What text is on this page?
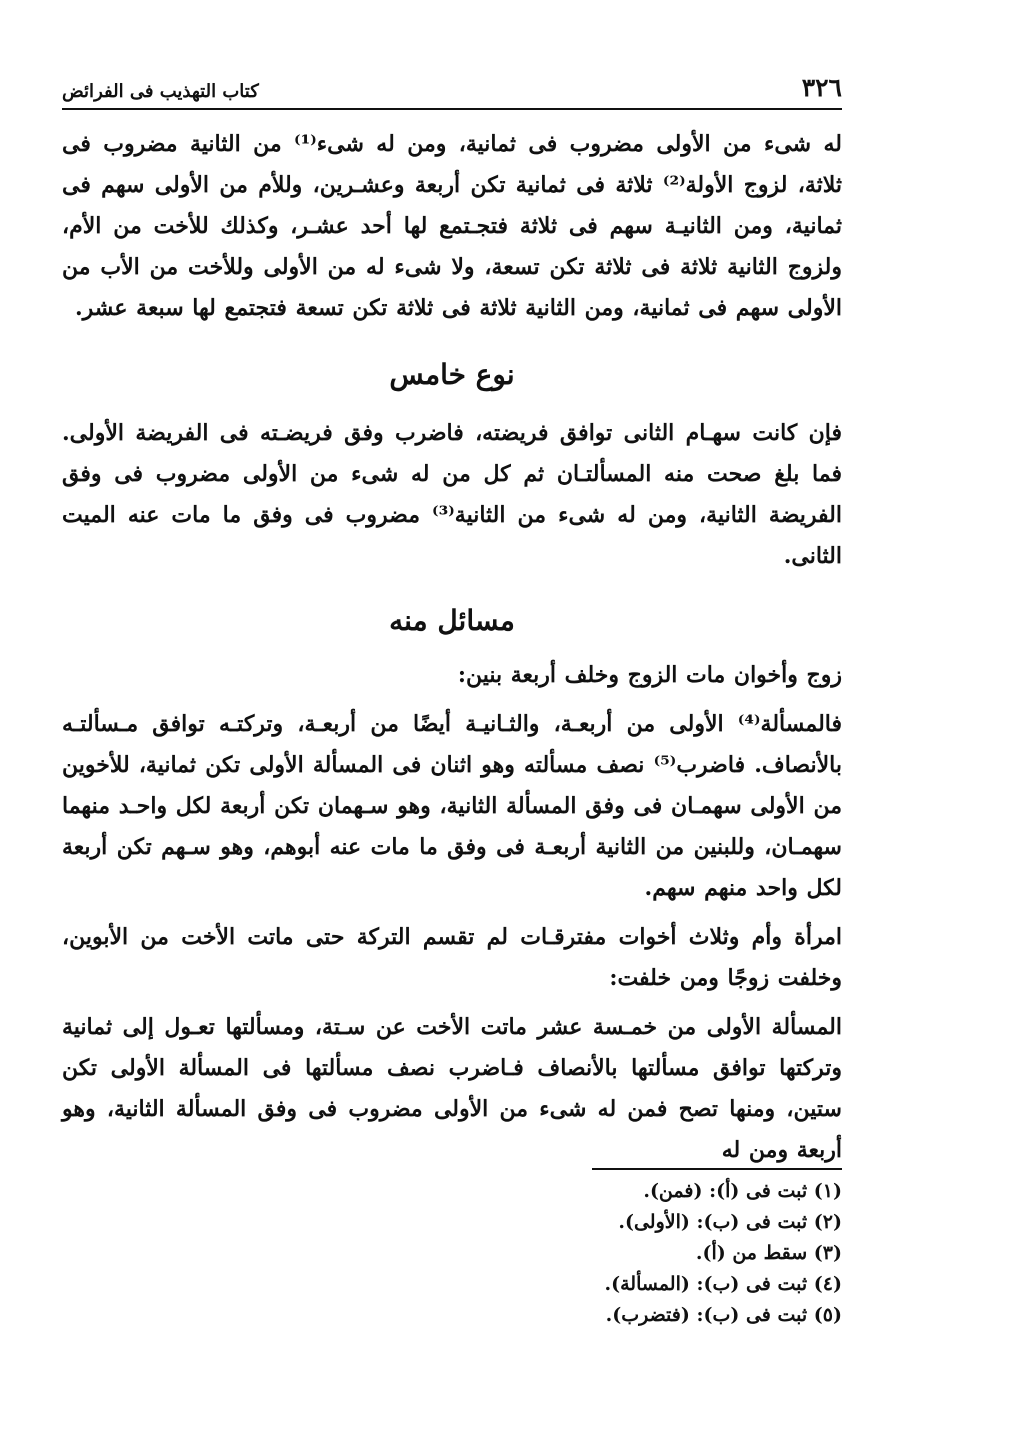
٣٢٦
كتاب التهذيب فى الفرائض

له شىء من الأولى مضروب فى ثمانية، ومن له شىء⁽¹⁾ من الثانية مضروب فى ثلاثة، لزوج الأولة⁽²⁾ ثلاثة فى ثمانية تكن أربعة وعشـرين، وللأم من الأولى سهم فى ثمانية، ومن الثانيـة سهم فى ثلاثة فتجـتمع لها أحد عشـر، وكذلك للأخت من الأم، ولزوج الثانية ثلاثة فى ثلاثة تكن تسعة، ولا شىء له من الأولى وللأخت من الأب من الأولى سهم فى ثمانية، ومن الثانية ثلاثة فى ثلاثة تكن تسعة فتجتمع لها سبعة عشر.

نوع خامس

فإن كانت سهـام الثانى توافق فريضته، فاضرب وفق فريضـته فى الفريضة الأولى. فما بلغ صحت منه المسألتـان ثم كل من له شىء من الأولى مضروب فى وفق الفريضة الثانية، ومن له شىء من الثانية⁽³⁾ مضروب فى وفق ما مات عنه الميت الثانى.

مسائل منه

زوج وأخوان مات الزوج وخلف أربعة بنين:

فالمسألة⁽⁴⁾ الأولى من أربعـة، والثـانيـة أيضًا من أربعـة، وتركتـه توافق مـسألتـه بالأنصاف. فاضرب⁽⁵⁾ نصف مسألته وهو اثنان فى المسألة الأولى تكن ثمانية، للأخوين من الأولى سهمـان فى وفق المسألة الثانية، وهو سـهمان تكن أربعة لكل واحـد منهما سهمـان، وللبنين من الثانية أربعـة فى وفق ما مات عنه أبوهم، وهو سـهم تكن أربعة لكل واحد منهم سهم.

امرأة وأم وثلاث أخوات مفترقـات لم تقسم التركة حتى ماتت الأخت من الأبوين، وخلفت زوجًا ومن خلفت:

المسألة الأولى من خمـسة عشر ماتت الأخت عن سـتة، ومسألتها تعـول إلى ثمانية وتركتها توافق مسألتها بالأنصاف فـاضرب نصف مسألتها فى المسألة الأولى تكن ستين، ومنها تصح فمن له شىء من الأولى مضروب فى وفق المسألة الثانية، وهو أربعة ومن له

(١) ثبت فى (أ): (فمن).
(٢) ثبت فى (ب): (الأولى).
(٣) سقط من (أ).
(٤) ثبت فى (ب): (المسألة).
(٥) ثبت فى (ب): (فتضرب).
